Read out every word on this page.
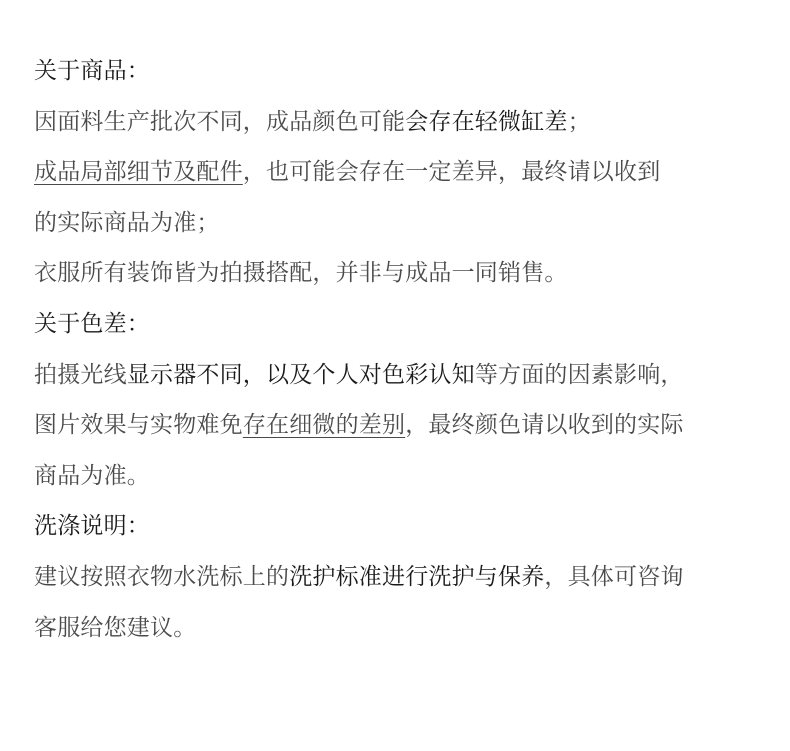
关于商品：
因面料生产批次不同，成品颜色可能会存在轻微缸差；
成品局部细节及配件，也可能会存在一定差异，最终请以收到
的实际商品为准；
衣服所有装饰皆为拍摄搭配，并非与成品一同销售。
关于色差：
拍摄光线显示器不同，以及个人对色彩认知等方面的因素影响，
图片效果与实物难免存在细微的差别，最终颜色请以收到的实际
商品为准。
洗涤说明：
建议按照衣物水洗标上的洗护标准进行洗护与保养，具体可咨询
客服给您建议。
